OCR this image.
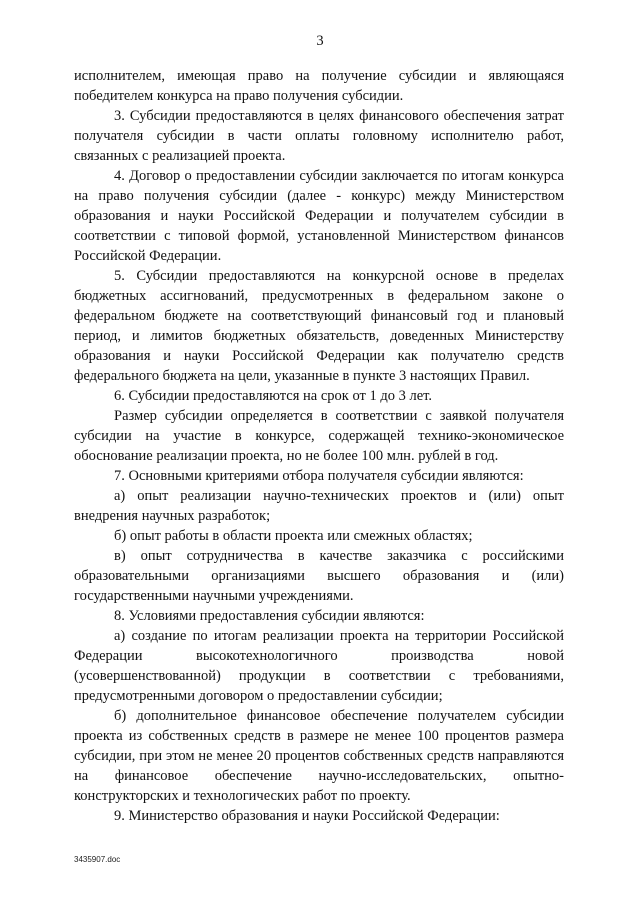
3

исполнителем, имеющая право на получение субсидии и являющаяся победителем конкурса на право получения субсидии.

3. Субсидии предоставляются в целях финансового обеспечения затрат получателя субсидии в части оплаты головному исполнителю работ, связанных с реализацией проекта.

4. Договор о предоставлении субсидии заключается по итогам конкурса на право получения субсидии (далее - конкурс) между Министерством образования и науки Российской Федерации и получателем субсидии в соответствии с типовой формой, установленной Министерством финансов Российской Федерации.

5. Субсидии предоставляются на конкурсной основе в пределах бюджетных ассигнований, предусмотренных в федеральном законе о федеральном бюджете на соответствующий финансовый год и плановый период, и лимитов бюджетных обязательств, доведенных Министерству образования и науки Российской Федерации как получателю средств федерального бюджета на цели, указанные в пункте 3 настоящих Правил.

6. Субсидии предоставляются на срок от 1 до 3 лет.

Размер субсидии определяется в соответствии с заявкой получателя субсидии на участие в конкурсе, содержащей технико-экономическое обоснование реализации проекта, но не более 100 млн. рублей в год.

7. Основными критериями отбора получателя субсидии являются:

а) опыт реализации научно-технических проектов и (или) опыт внедрения научных разработок;

б) опыт работы в области проекта или смежных областях;

в) опыт сотрудничества в качестве заказчика с российскими образовательными организациями высшего образования и (или) государственными научными учреждениями.

8. Условиями предоставления субсидии являются:

а) создание по итогам реализации проекта на территории Российской Федерации высокотехнологичного производства новой (усовершенствованной) продукции в соответствии с требованиями, предусмотренными договором о предоставлении субсидии;

б) дополнительное финансовое обеспечение получателем субсидии проекта из собственных средств в размере не менее 100 процентов размера субсидии, при этом не менее 20 процентов собственных средств направляются на финансовое обеспечение научно-исследовательских, опытно-конструкторских и технологических работ по проекту.

9. Министерство образования и науки Российской Федерации:

3435907.doc
